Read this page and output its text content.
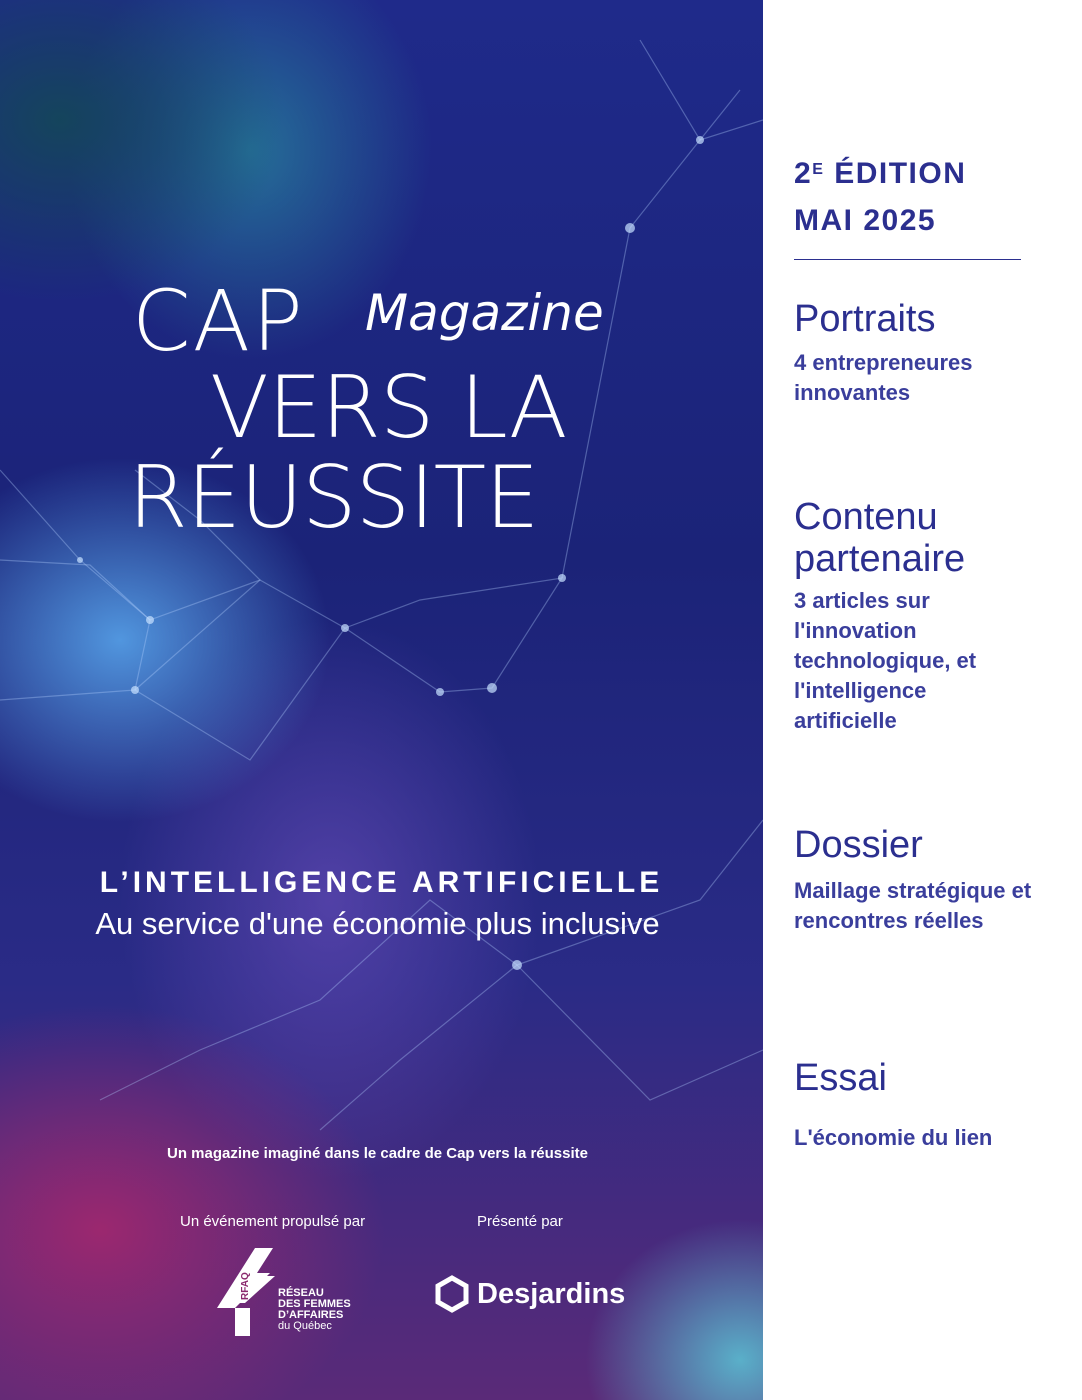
CAP Magazine
VERS LA
RÉUSSITE
L’INTELLIGENCE ARTIFICIELLE
Au service d'une économie plus inclusive
Un magazine imaginé dans le cadre de Cap vers la réussite
Un événement propulsé par	Présenté par
RFAQ RÉSEAU
DES FEMMES
D’AFFAIRES
du Québec
Desjardins
$2^E$ ÉDITION
MAI 2025
Portraits

4 entrepreneures innovantes

Contenu partenaire

3 articles sur l'innovation technologique, et l'intelligence artificielle

Dossier

Maillage stratégique et rencontres réelles

Essai

L'économie du lien
